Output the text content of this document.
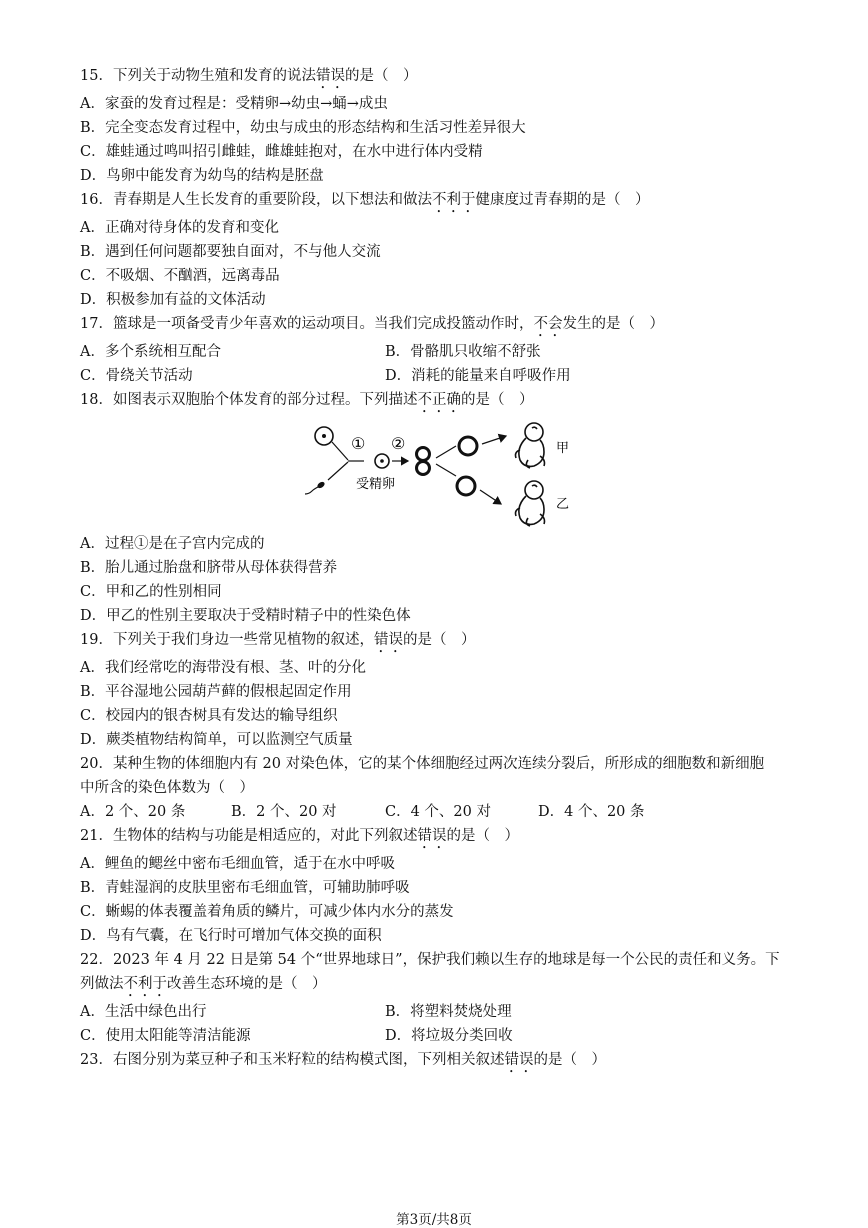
15．下列关于动物生殖和发育的说法错误的是（　）
A．家蚕的发育过程是：受精卵→幼虫→蛹→成虫
B．完全变态发育过程中，幼虫与成虫的形态结构和生活习性差异很大
C．雄蛙通过鸣叫招引雌蛙，雌雄蛙抱对，在水中进行体内受精
D．鸟卵中能发育为幼鸟的结构是胚盘
16．青春期是人生长发育的重要阶段，以下想法和做法不利于健康度过青春期的是（　）
A．正确对待身体的发育和变化
B．遇到任何问题都要独自面对，不与他人交流
C．不吸烟、不酗酒，远离毒品
D．积极参加有益的文体活动
17．篮球是一项备受青少年喜欢的运动项目。当我们完成投篮动作时，不会发生的是（　）
A．多个系统相互配合	B．骨骼肌只收缩不舒张
C．骨绕关节活动	D．消耗的能量来自呼吸作用
18．如图表示双胞胎个体发育的部分过程。下列描述不正确的是（　）
①
受精卵
②	甲
乙
A．过程①是在子宫内完成的
B．胎儿通过胎盘和脐带从母体获得营养
C．甲和乙的性别相同
D．甲乙的性别主要取决于受精时精子中的性染色体
19．下列关于我们身边一些常见植物的叙述，错误的是（　）
A．我们经常吃的海带没有根、茎、叶的分化
B．平谷湿地公园葫芦藓的假根起固定作用
C．校园内的银杏树具有发达的输导组织
D．蕨类植物结构简单，可以监测空气质量
20．某种生物的体细胞内有 20 对染色体，它的某个体细胞经过两次连续分裂后，所形成的细胞数和新细胞
中所含的染色体数为（　）
A．2 个、20 条	B．2 个、20 对	C．4 个、20 对	D．4 个、20 条
21．生物体的结构与功能是相适应的，对此下列叙述错误的是（　）
A．鲤鱼的鳃丝中密布毛细血管，适于在水中呼吸
B．青蛙湿润的皮肤里密布毛细血管，可辅助肺呼吸
C．蜥蜴的体表覆盖着角质的鳞片，可减少体内水分的蒸发
D．鸟有气囊，在飞行时可增加气体交换的面积
22．2023 年 4 月 22 日是第 54 个“世界地球日”，保护我们赖以生存的地球是每一个公民的责任和义务。下
列做法不利于改善生态环境的是（　）
A．生活中绿色出行	B．将塑料焚烧处理
C．使用太阳能等清洁能源	D．将垃圾分类回收
23．右图分别为菜豆种子和玉米籽粒的结构模式图，下列相关叙述错误的是（　）
第3页/共8页
